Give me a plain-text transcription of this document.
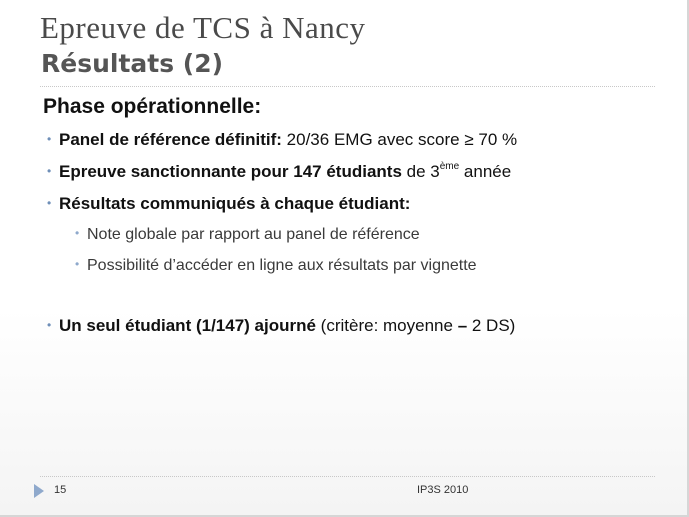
Epreuve de TCS à Nancy
Résultats (2)
Phase opérationnelle:
• Panel de référence définitif: 20/36 EMG avec score ≥ 70 %
• Epreuve sanctionnante pour 147 étudiants de 3ème année
• Résultats communiqués à chaque étudiant:
• Note globale par rapport au panel de référence
• Possibilité d’accéder en ligne aux résultats par vignette
• Un seul étudiant (1/147) ajourné (critère: moyenne – 2 DS)
15	IP3S 2010
